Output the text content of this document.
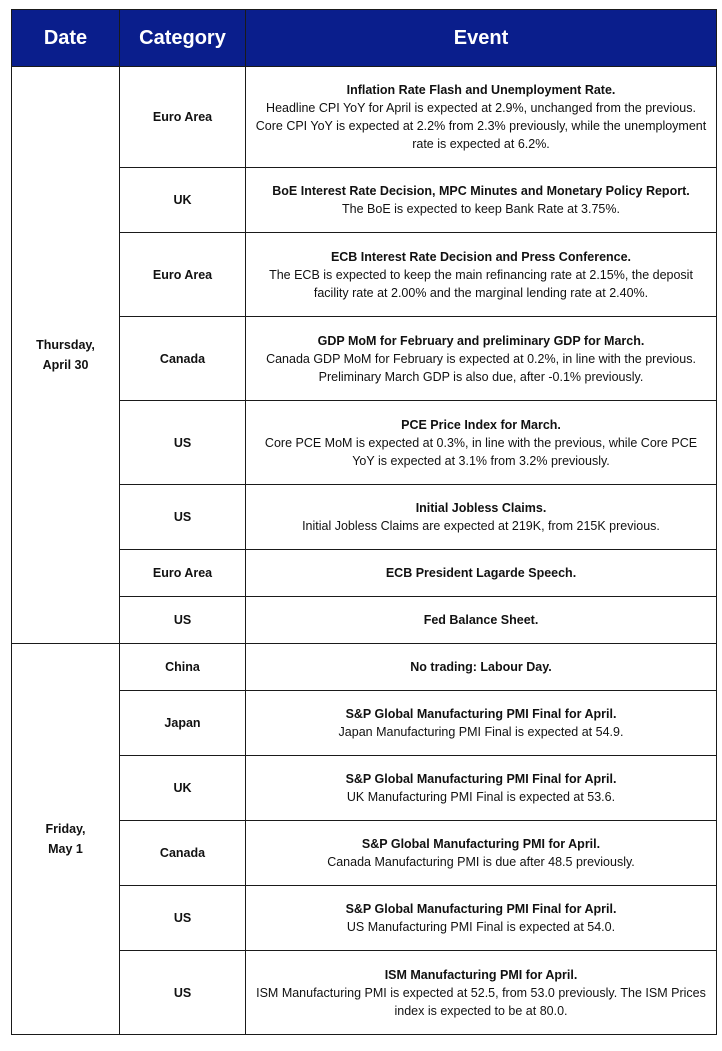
Date	Category	Event
Thursday,
April 30	Euro Area	Inflation Rate Flash and Unemployment Rate.
Headline CPI YoY for April is expected at 2.9%, unchanged from the previous. Core CPI YoY is expected at 2.2% from 2.3% previously, while the unemployment rate is expected at 6.2%.

	UK	BoE Interest Rate Decision, MPC Minutes and Monetary Policy Report.
The BoE is expected to keep Bank Rate at 3.75%.

	Euro Area	ECB Interest Rate Decision and Press Conference.
The ECB is expected to keep the main refinancing rate at 2.15%, the deposit facility rate at 2.00% and the marginal lending rate at 2.40%.

	Canada	GDP MoM for February and preliminary GDP for March.
Canada GDP MoM for February is expected at 0.2%, in line with the previous. Preliminary March GDP is also due, after -0.1% previously.

	US	PCE Price Index for March.
Core PCE MoM is expected at 0.3%, in line with the previous, while Core PCE YoY is expected at 3.1% from 3.2% previously.

	US	Initial Jobless Claims.
Initial Jobless Claims are expected at 219K, from 215K previous.

	Euro Area	ECB President Lagarde Speech.

	US	Fed Balance Sheet.

Friday,
May 1	China	No trading: Labour Day.

	Japan	S&P Global Manufacturing PMI Final for April.
Japan Manufacturing PMI Final is expected at 54.9.

	UK	S&P Global Manufacturing PMI Final for April.
UK Manufacturing PMI Final is expected at 53.6.

	Canada	S&P Global Manufacturing PMI for April.
Canada Manufacturing PMI is due after 48.5 previously.

	US	S&P Global Manufacturing PMI Final for April.
US Manufacturing PMI Final is expected at 54.0.

	US	ISM Manufacturing PMI for April.
ISM Manufacturing PMI is expected at 52.5, from 53.0 previously. The ISM Prices index is expected to be at 80.0.
